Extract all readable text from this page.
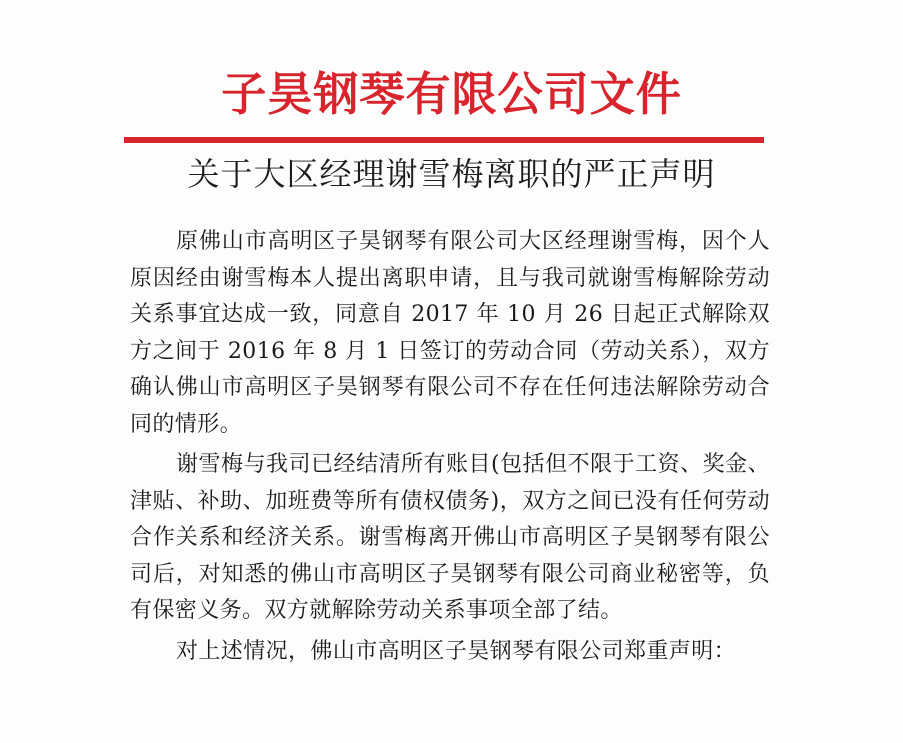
子昊钢琴有限公司文件
关于大区经理谢雪梅离职的严正声明

原佛山市高明区子昊钢琴有限公司大区经理谢雪梅，因个人原因经由谢雪梅本人提出离职申请，且与我司就谢雪梅解除劳动关系事宜达成一致，同意自 2017 年 10 月 26 日起正式解除双方之间于 2016 年 8 月 1 日签订的劳动合同（劳动关系），双方确认佛山市高明区子昊钢琴有限公司不存在任何违法解除劳动合同的情形。

谢雪梅与我司已经结清所有账目(包括但不限于工资、奖金、津贴、补助、加班费等所有债权债务)，双方之间已没有任何劳动合作关系和经济关系。谢雪梅离开佛山市高明区子昊钢琴有限公司后，对知悉的佛山市高明区子昊钢琴有限公司商业秘密等，负有保密义务。双方就解除劳动关系事项全部了结。

对上述情况，佛山市高明区子昊钢琴有限公司郑重声明：
